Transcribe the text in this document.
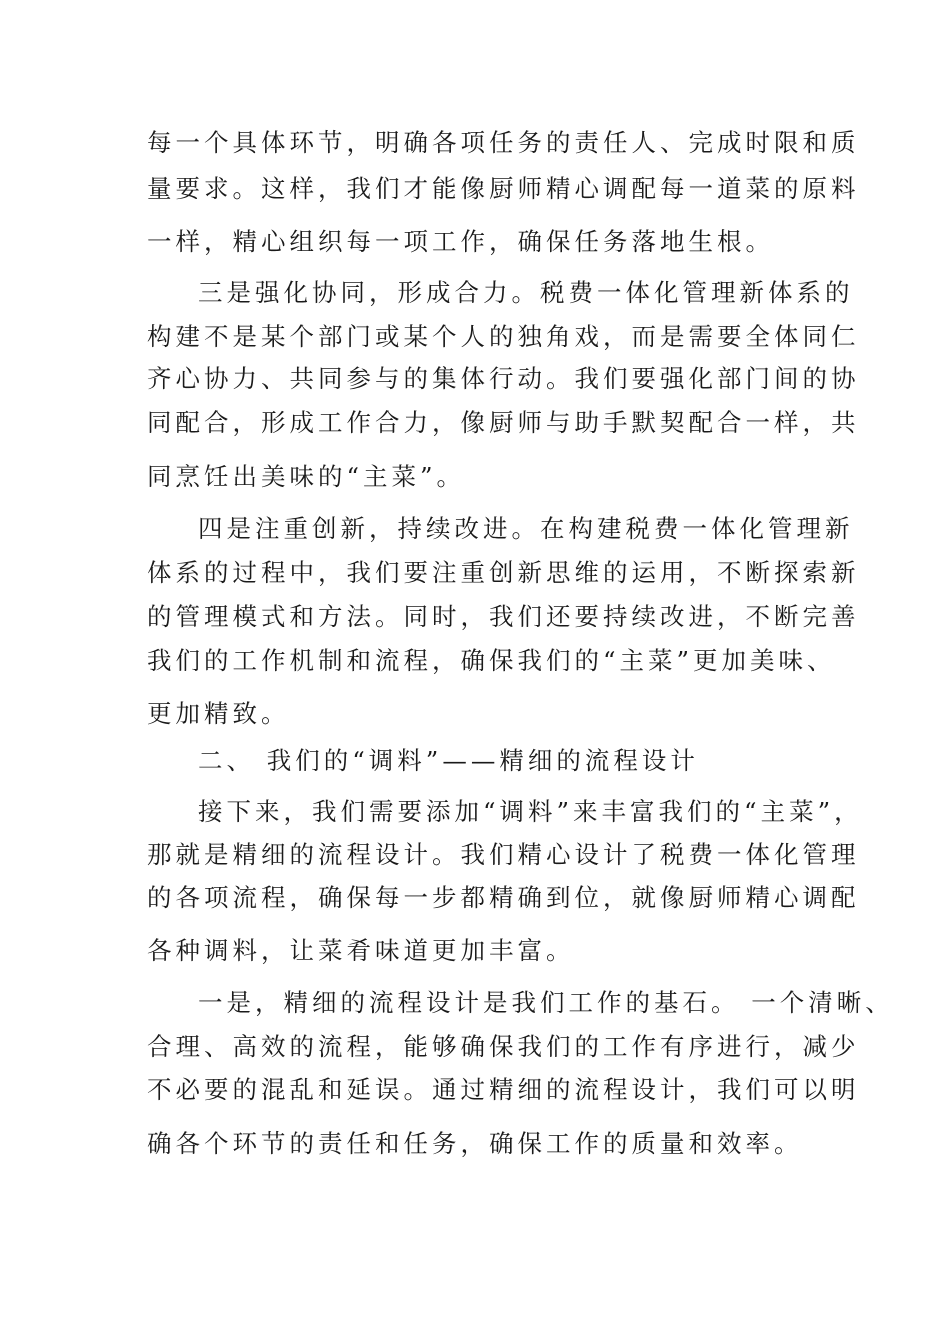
每一个具体环节，明确各项任务的责任人、完成时限和质
量要求。这样，我们才能像厨师精心调配每一道菜的原料
一样，精心组织每一项工作，确保任务落地生根。
三是强化协同，形成合力。税费一体化管理新体系的
构建不是某个部门或某个人的独角戏，而是需要全体同仁
齐心协力、共同参与的集体行动。我们要强化部门间的协
同配合，形成工作合力，像厨师与助手默契配合一样，共
同烹饪出美味的“主菜”。
四是注重创新，持续改进。在构建税费一体化管理新
体系的过程中，我们要注重创新思维的运用，不断探索新
的管理模式和方法。同时，我们还要持续改进，不断完善
我们的工作机制和流程，确保我们的“主菜”更加美味、
更加精致。
二、 我们的“调料”——精细的流程设计
接下来，我们需要添加“调料”来丰富我们的“主菜”，
那就是精细的流程设计。我们精心设计了税费一体化管理
的各项流程，确保每一步都精确到位，就像厨师精心调配
各种调料，让菜肴味道更加丰富。
一是，精细的流程设计是我们工作的基石。 一个清晰、
合理、高效的流程，能够确保我们的工作有序进行，减少
不必要的混乱和延误。通过精细的流程设计，我们可以明
确各个环节的责任和任务，确保工作的质量和效率。
